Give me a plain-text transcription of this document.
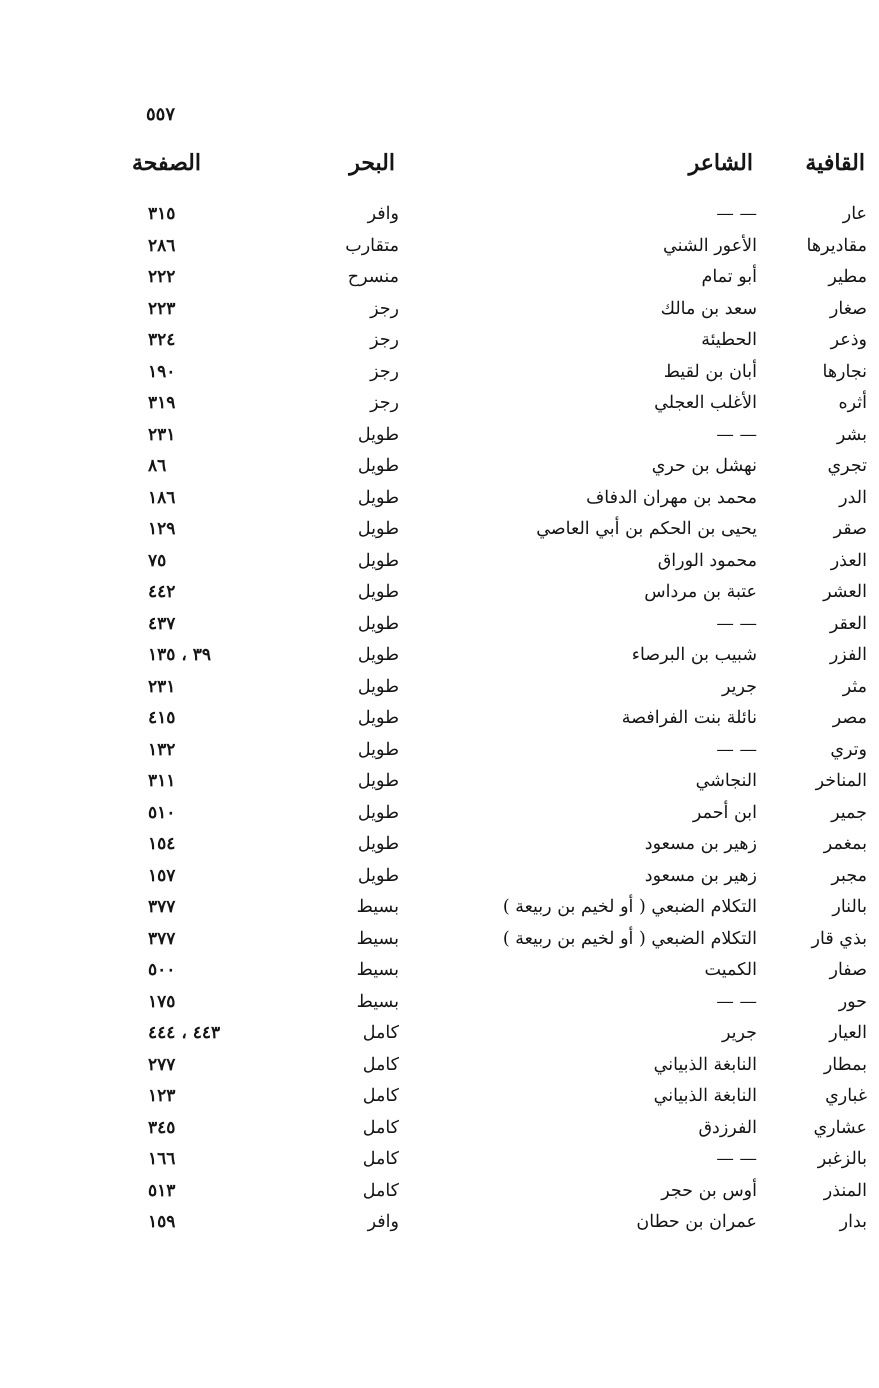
٥٥٧
القافية
الشاعر
البحر
الصفحة
عار
— —
وافر
٣١٥
مقاديرها
الأعور الشني
متقارب
٢٨٦
مطير
أبو تمام
منسرح
٢٢٢
صغار
سعد بن مالك
رجز
٢٢٣
وذعر
الحطيئة
رجز
٣٢٤
نجارها
أبان بن لقيط
رجز
١٩٠
أثره
الأغلب العجلي
رجز
٣١٩
بشر
— —
طويل
٢٣١
تجري
نهشل بن حري
طويل
٨٦
الدر
محمد بن مهران الدفاف
طويل
١٨٦
صقر
يحيى بن الحكم بن أبي العاصي
طويل
١٢٩
العذر
محمود الوراق
طويل
٧٥
العشر
عتبة بن مرداس
طويل
٤٤٢
العقر
— —
طويل
٤٣٧
الفزر
شبيب بن البرصاء
طويل
٣٩ ، ١٣٥
مثر
جرير
طويل
٢٣١
مصر
نائلة بنت الفرافصة
طويل
٤١٥
وتري
— —
طويل
١٣٢
المناخر
النجاشي
طويل
٣١١
جمير
ابن أحمر
طويل
٥١٠
بمغمر
زهير بن مسعود
طويل
١٥٤
مجبر
زهير بن مسعود
طويل
١٥٧
بالنار
التكلام الضبعي ( أو لخيم بن ربيعة )
بسيط
٣٧٧
بذي قار
التكلام الضبعي ( أو لخيم بن ربيعة )
بسيط
٣٧٧
صفار
الكميت
بسيط
٥٠٠
حور
— —
بسيط
١٧٥
العيار
جرير
كامل
٤٤٣ ، ٤٤٤
بمطار
النابغة الذبياني
كامل
٢٧٧
غباري
النابغة الذبياني
كامل
١٢٣
عشاري
الفرزدق
كامل
٣٤٥
بالزغبر
— —
كامل
١٦٦
المنذر
أوس بن حجر
كامل
٥١٣
بدار
عمران بن حطان
وافر
١٥٩
